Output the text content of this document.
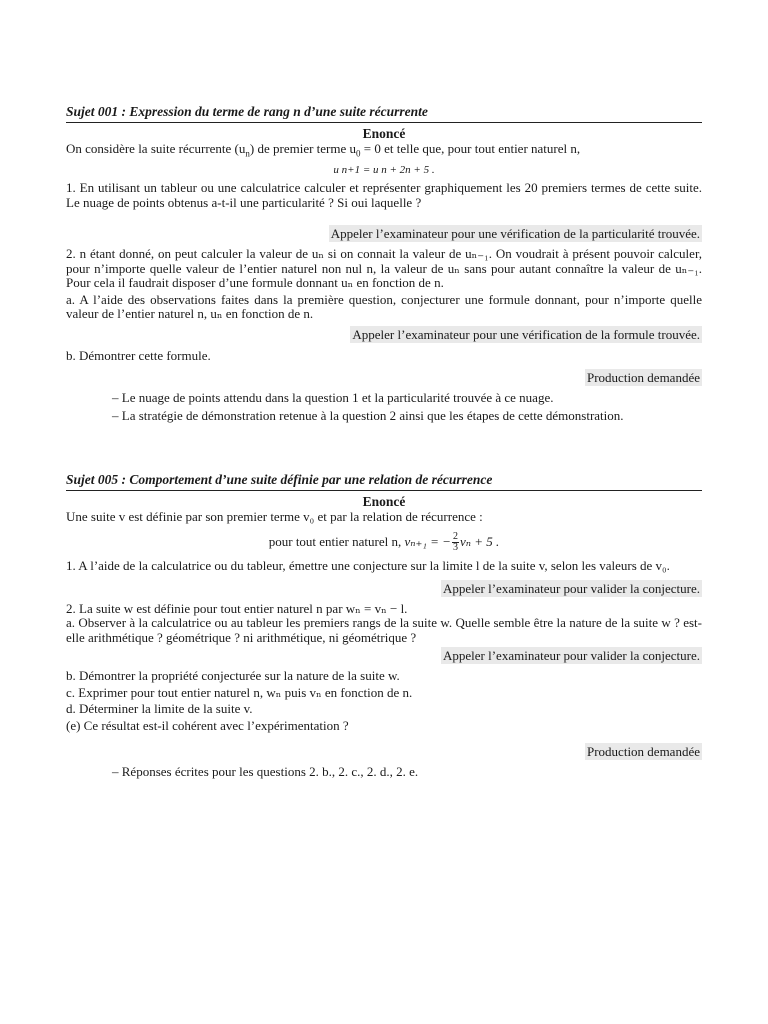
Sujet 001 : Expression du terme de rang n d’une suite récurrente
Enoncé

On considère la suite récurrente $(u_n)$ de premier terme $u_0 = 0$ et telle que, pour tout entier naturel n,

u n+1 = u n + 2n + 5 .

1. En utilisant un tableur ou une calculatrice calculer et représenter graphiquement les 20 premiers termes de cette suite. Le nuage de points obtenus a-t-il une particularité ? Si oui laquelle ?

Appeler l’examinateur pour une vérification de la particularité trouvée.

2. n étant donné, on peut calculer la valeur de uₙ si on connait la valeur de uₙ₋₁. On voudrait à présent pouvoir calculer, pour n’importe quelle valeur de l’entier naturel non nul n, la valeur de uₙ sans pour autant connaître la valeur de uₙ₋₁. Pour cela il faudrait disposer d’une formule donnant uₙ en fonction de n.

a. A l’aide des observations faites dans la première question, conjecturer une formule donnant, pour n’importe quelle valeur de l’entier naturel n, uₙ en fonction de n.

Appeler l’examinateur pour une vérification de la formule trouvée.

b. Démontrer cette formule.

Production demandée
– Le nuage de points attendu dans la question 1 et la particularité trouvée à ce nuage.
– La stratégie de démonstration retenue à la question 2 ainsi que les étapes de cette démonstration.
Sujet 005 : Comportement d’une suite définie par une relation de récurrence
Enoncé

Une suite v est définie par son premier terme v₀ et par la relation de récurrence :

pour tout entier naturel n, vₙ₊₁ = − $\frac{2}{3}$ vₙ + 5 .

1. A l’aide de la calculatrice ou du tableur, émettre une conjecture sur la limite l de la suite v, selon les valeurs de v₀.

Appeler l’examinateur pour valider la conjecture.

2. La suite w est définie pour tout entier naturel n par wₙ = vₙ − l.

a. Observer à la calculatrice ou au tableur les premiers rangs de la suite w. Quelle semble être la nature de la suite w ? est-elle arithmétique ? géométrique ? ni arithmétique, ni géométrique ?

Appeler l’examinateur pour valider la conjecture.

b. Démontrer la propriété conjecturée sur la nature de la suite w.

c. Exprimer pour tout entier naturel n, wₙ puis vₙ en fonction de n.

d. Déterminer la limite de la suite v.

(e) Ce résultat est-il cohérent avec l’expérimentation ?

Production demandée
– Réponses écrites pour les questions 2. b., 2. c., 2. d., 2. e.
